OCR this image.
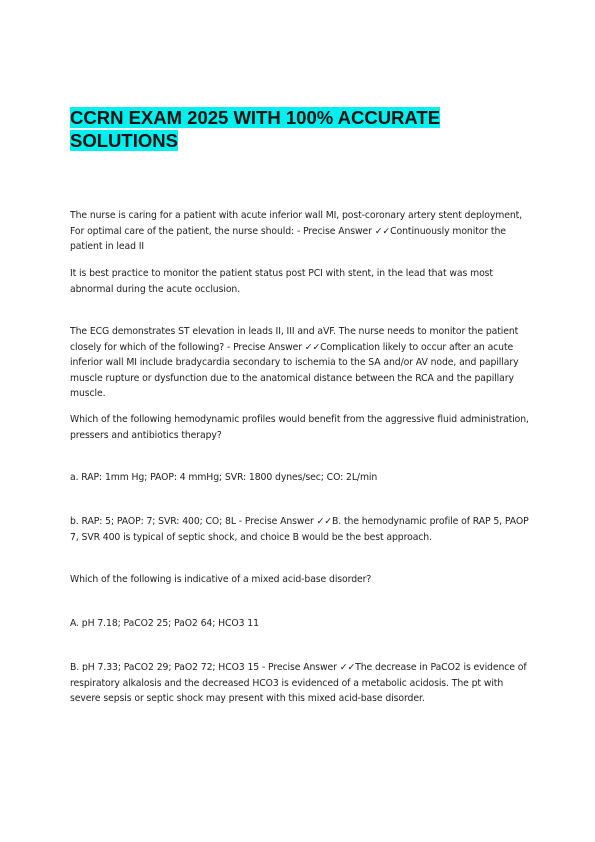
CCRN EXAM 2025 WITH 100% ACCURATE SOLUTIONS

The nurse is caring for a patient with acute inferior wall MI, post-coronary artery stent deployment, For optimal care of the patient, the nurse should: - Precise Answer ✓✓Continuously monitor the patient in lead II

It is best practice to monitor the patient status post PCI with stent, in the lead that was most abnormal during the acute occlusion.

The ECG demonstrates ST elevation in leads II, III and aVF. The nurse needs to monitor the patient closely for which of the following? - Precise Answer ✓✓Complication likely to occur after an acute inferior wall MI include bradycardia secondary to ischemia to the SA and/or AV node, and papillary muscle rupture or dysfunction due to the anatomical distance between the RCA and the papillary muscle.

Which of the following hemodynamic profiles would benefit from the aggressive fluid administration, pressers and antibiotics therapy?

a. RAP: 1mm Hg; PAOP: 4 mmHg; SVR: 1800 dynes/sec; CO: 2L/min

b. RAP: 5; PAOP: 7; SVR: 400; CO; 8L - Precise Answer ✓✓B. the hemodynamic profile of RAP 5, PAOP 7, SVR 400 is typical of septic shock, and choice B would be the best approach.

Which of the following is indicative of a mixed acid-base disorder?

A. pH 7.18; PaCO2 25; PaO2 64; HCO3 11

B. pH 7.33; PaCO2 29; PaO2 72; HCO3 15 - Precise Answer ✓✓The decrease in PaCO2 is evidence of respiratory alkalosis and the decreased HCO3 is evidenced of a metabolic acidosis. The pt with severe sepsis or septic shock may present with this mixed acid-base disorder.
